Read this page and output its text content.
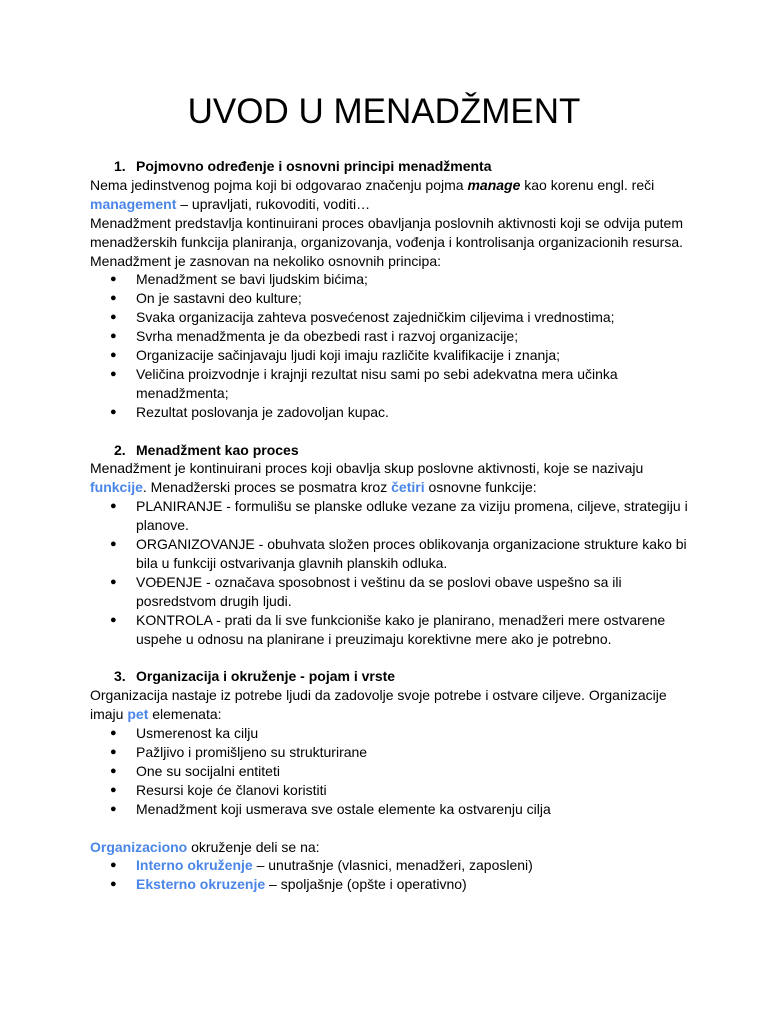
UVOD U MENADŽMENT
1. Pojmovno određenje i osnovni principi menadžmenta

Nema jedinstvenog pojma koji bi odgovarao značenju pojma manage kao korenu engl. reči management – upravljati, rukovoditi, voditi…

Menadžment predstavlja kontinuirani proces obavljanja poslovnih aktivnosti koji se odvija putem menadžerskih funkcija planiranja, organizovanja, vođenja i kontrolisanja organizacionih resursa.

Menadžment je zasnovan na nekoliko osnovnih principa:

● Menadžment se bavi ljudskim bićima;
● On je sastavni deo kulture;
● Svaka organizacija zahteva posvećenost zajedničkim ciljevima i vrednostima;
● Svrha menadžmenta je da obezbedi rast i razvoj organizacije;
● Organizacije sačinjavaju ljudi koji imaju različite kvalifikacije i znanja;
● Veličina proizvodnje i krajnji rezultat nisu sami po sebi adekvatna mera učinka menadžmenta;
● Rezultat poslovanja je zadovoljan kupac.
2. Menadžment kao proces

Menadžment je kontinuirani proces koji obavlja skup poslovne aktivnosti, koje se nazivaju funkcije. Menadžerski proces se posmatra kroz četiri osnovne funkcije:

● PLANIRANJE - formulišu se planske odluke vezane za viziju promena, ciljeve, strategiju i planove.
● ORGANIZOVANJE - obuhvata složen proces oblikovanja organizacione strukture kako bi bila u funkciji ostvarivanja glavnih planskih odluka.
● VOĐENJE - označava sposobnost i veštinu da se poslovi obave uspešno sa ili posredstvom drugih ljudi.
● KONTROLA - prati da li sve funkcioniše kako je planirano, menadžeri mere ostvarene uspehe u odnosu na planirane i preuzimaju korektivne mere ako je potrebno.
3. Organizacija i okruženje - pojam i vrste

Organizacija nastaje iz potrebe ljudi da zadovolje svoje potrebe i ostvare ciljeve. Organizacije imaju pet elemenata:

● Usmerenost ka cilju
● Pažljivo i promišljeno su strukturirane
● One su socijalni entiteti
● Resursi koje će članovi koristiti
● Menadžment koji usmerava sve ostale elemente ka ostvarenju cilja

Organizaciono okruženje deli se na:

● Interno okruženje – unutrašnje (vlasnici, menadžeri, zaposleni)
● Eksterno okruzenje – spoljašnje (opšte i operativno)
